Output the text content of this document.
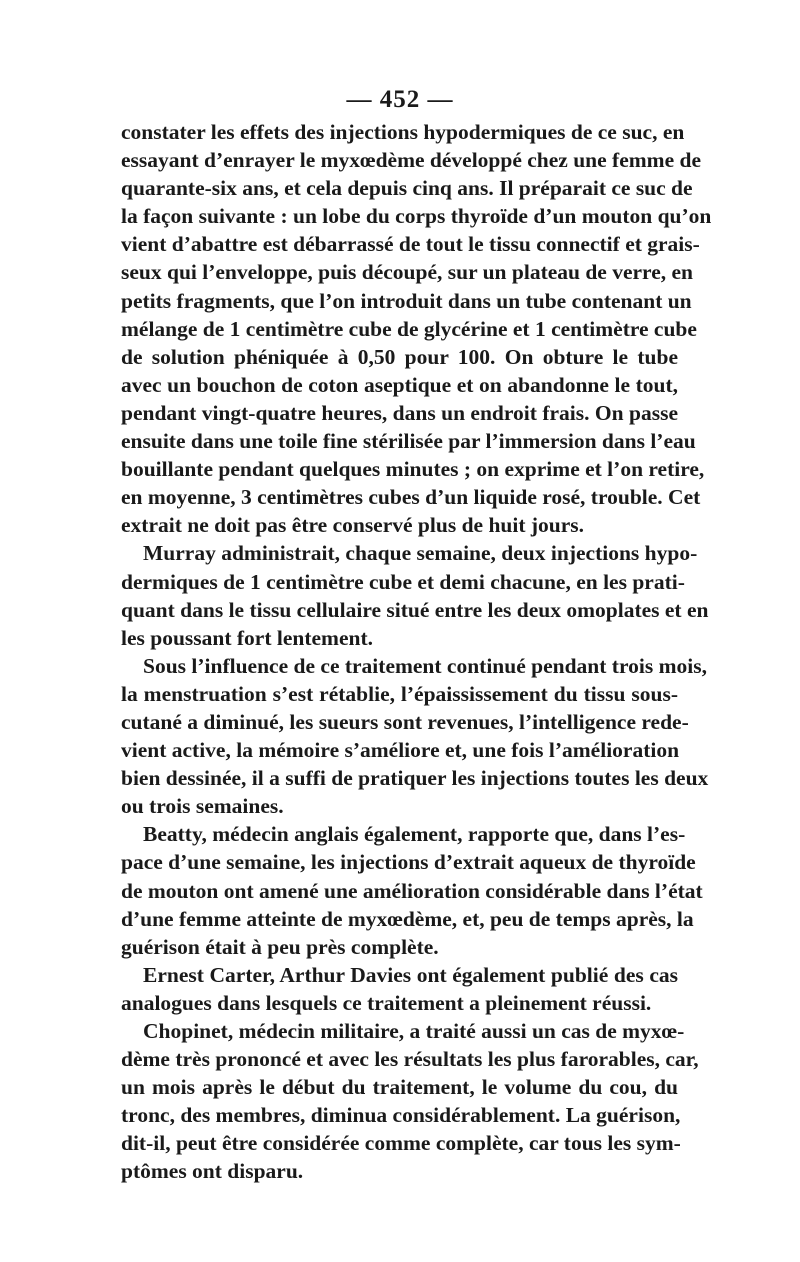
— 452 —
constater les effets des injections hypodermiques de ce suc, en
essayant d’enrayer le myxœdème développé chez une femme de
quarante-six ans, et cela depuis cinq ans. Il préparait ce suc de
la façon suivante : un lobe du corps thyroïde d’un mouton qu’on
vient d’abattre est débarrassé de tout le tissu connectif et grais-
seux qui l’enveloppe, puis découpé, sur un plateau de verre, en
petits fragments, que l’on introduit dans un tube contenant un
mélange de 1 centimètre cube de glycérine et 1 centimètre cube
de solution phéniquée à 0,50 pour 100. On obture le tube
avec un bouchon de coton aseptique et on abandonne le tout,
pendant vingt-quatre heures, dans un endroit frais. On passe
ensuite dans une toile fine stérilisée par l’immersion dans l’eau
bouillante pendant quelques minutes ; on exprime et l’on retire,
en moyenne, 3 centimètres cubes d’un liquide rosé, trouble. Cet
extrait ne doit pas être conservé plus de huit jours.
Murray administrait, chaque semaine, deux injections hypo-
dermiques de 1 centimètre cube et demi chacune, en les prati-
quant dans le tissu cellulaire situé entre les deux omoplates et en
les poussant fort lentement.
Sous l’influence de ce traitement continué pendant trois mois,
la menstruation s’est rétablie, l’épaississement du tissu sous-
cutané a diminué, les sueurs sont revenues, l’intelligence rede-
vient active, la mémoire s’améliore et, une fois l’amélioration
bien dessinée, il a suffi de pratiquer les injections toutes les deux
ou trois semaines.
Beatty, médecin anglais également, rapporte que, dans l’es-
pace d’une semaine, les injections d’extrait aqueux de thyroïde
de mouton ont amené une amélioration considérable dans l’état
d’une femme atteinte de myxœdème, et, peu de temps après, la
guérison était à peu près complète.
Ernest Carter, Arthur Davies ont également publié des cas
analogues dans lesquels ce traitement a pleinement réussi.
Chopinet, médecin militaire, a traité aussi un cas de myxœ-
dème très prononcé et avec les résultats les plus farorables, car,
un mois après le début du traitement, le volume du cou, du
tronc, des membres, diminua considérablement. La guérison,
dit-il, peut être considérée comme complète, car tous les sym-
ptômes ont disparu.
